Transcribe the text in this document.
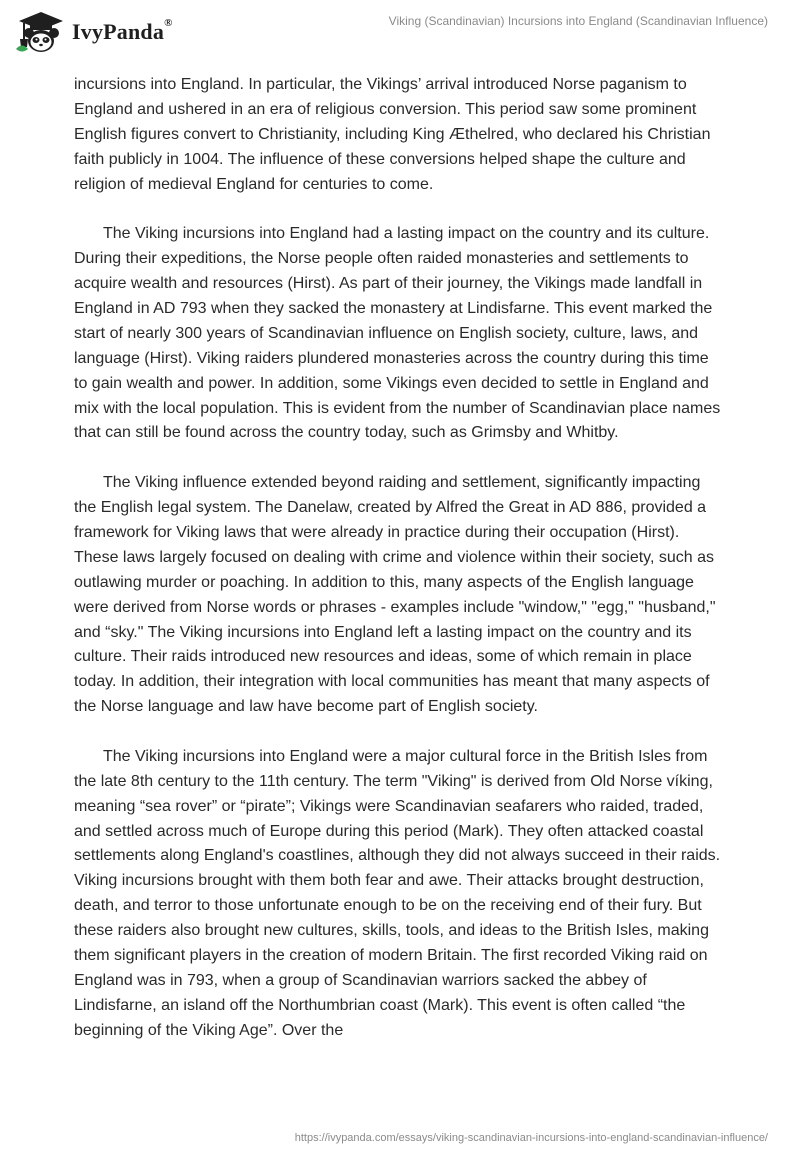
IvyPanda®	Viking (Scandinavian) Incursions into England (Scandinavian Influence)

incursions into England. In particular, the Vikings’ arrival introduced Norse paganism to England and ushered in an era of religious conversion. This period saw some prominent English figures convert to Christianity, including King Æthelred, who declared his Christian faith publicly in 1004. The influence of these conversions helped shape the culture and religion of medieval England for centuries to come.

The Viking incursions into England had a lasting impact on the country and its culture. During their expeditions, the Norse people often raided monasteries and settlements to acquire wealth and resources (Hirst). As part of their journey, the Vikings made landfall in England in AD 793 when they sacked the monastery at Lindisfarne. This event marked the start of nearly 300 years of Scandinavian influence on English society, culture, laws, and language (Hirst). Viking raiders plundered monasteries across the country during this time to gain wealth and power. In addition, some Vikings even decided to settle in England and mix with the local population. This is evident from the number of Scandinavian place names that can still be found across the country today, such as Grimsby and Whitby.

The Viking influence extended beyond raiding and settlement, significantly impacting the English legal system. The Danelaw, created by Alfred the Great in AD 886, provided a framework for Viking laws that were already in practice during their occupation (Hirst). These laws largely focused on dealing with crime and violence within their society, such as outlawing murder or poaching. In addition to this, many aspects of the English language were derived from Norse words or phrases - examples include "window," "egg," "husband," and “sky." The Viking incursions into England left a lasting impact on the country and its culture. Their raids introduced new resources and ideas, some of which remain in place today. In addition, their integration with local communities has meant that many aspects of the Norse language and law have become part of English society.

The Viking incursions into England were a major cultural force in the British Isles from the late 8th century to the 11th century. The term "Viking" is derived from Old Norse víking, meaning “sea rover” or “pirate”; Vikings were Scandinavian seafarers who raided, traded, and settled across much of Europe during this period (Mark). They often attacked coastal settlements along England's coastlines, although they did not always succeed in their raids. Viking incursions brought with them both fear and awe. Their attacks brought destruction, death, and terror to those unfortunate enough to be on the receiving end of their fury. But these raiders also brought new cultures, skills, tools, and ideas to the British Isles, making them significant players in the creation of modern Britain. The first recorded Viking raid on England was in 793, when a group of Scandinavian warriors sacked the abbey of Lindisfarne, an island off the Northumbrian coast (Mark). This event is often called “the beginning of the Viking Age”. Over the

https://ivypanda.com/essays/viking-scandinavian-incursions-into-england-scandinavian-influence/
